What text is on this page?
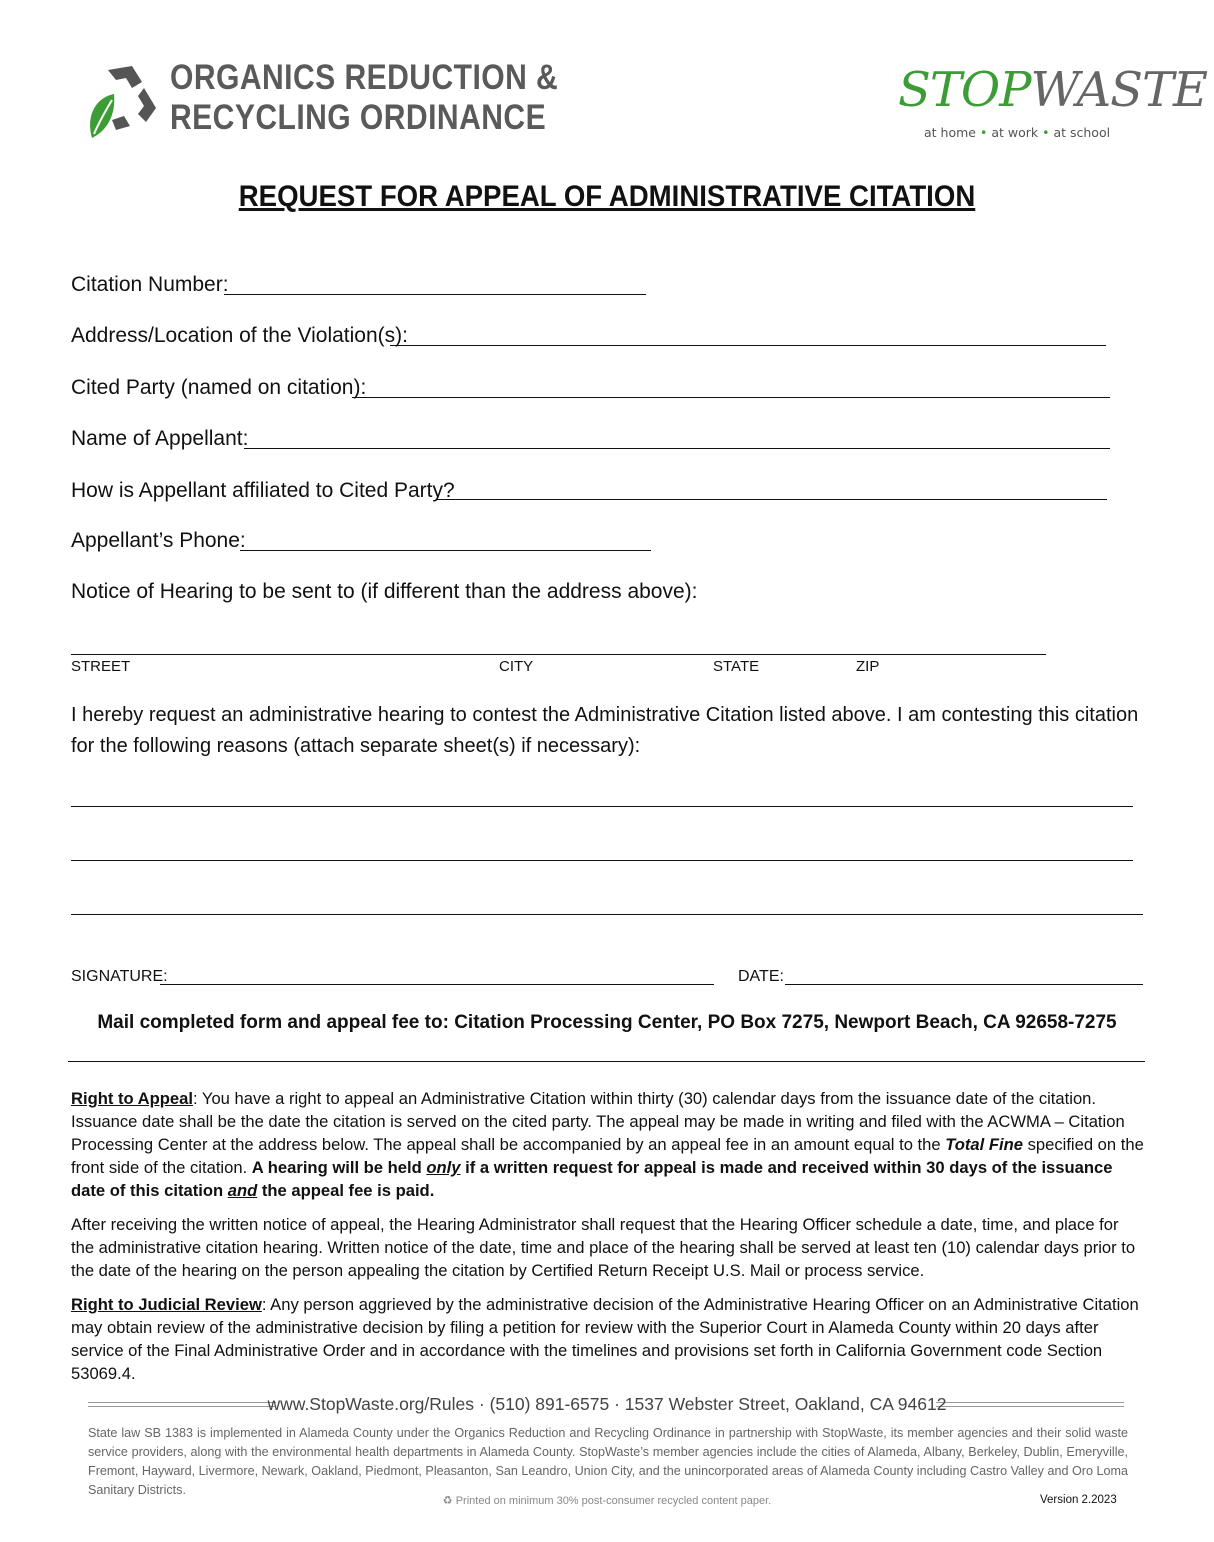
ORGANICS REDUCTION &
RECYCLING ORDINANCE	STOPWASTE
at home • at work • at school
REQUEST FOR APPEAL OF ADMINISTRATIVE CITATION
Citation Number:
Address/Location of the Violation(s):
Cited Party (named on citation):
Name of Appellant:
How is Appellant affiliated to Cited Party?
Appellant’s Phone:
Notice of Hearing to be sent to (if different than the address above):
STREET	CITY	STATE	ZIP
I hereby request an administrative hearing to contest the Administrative Citation listed above. I am contesting this citation for the following reasons (attach separate sheet(s) if necessary):
SIGNATURE:	DATE:
Mail completed form and appeal fee to: Citation Processing Center, PO Box 7275, Newport Beach, CA 92658-7275
Right to Appeal: You have a right to appeal an Administrative Citation within thirty (30) calendar days from the issuance date of the citation. Issuance date shall be the date the citation is served on the cited party. The appeal may be made in writing and filed with the ACWMA – Citation Processing Center at the address below. The appeal shall be accompanied by an appeal fee in an amount equal to the Total Fine specified on the front side of the citation. A hearing will be held only if a written request for appeal is made and received within 30 days of the issuance date of this citation and the appeal fee is paid.
After receiving the written notice of appeal, the Hearing Administrator shall request that the Hearing Officer schedule a date, time, and place for the administrative citation hearing. Written notice of the date, time and place of the hearing shall be served at least ten (10) calendar days prior to the date of the hearing on the person appealing the citation by Certified Return Receipt U.S. Mail or process service.
Right to Judicial Review: Any person aggrieved by the administrative decision of the Administrative Hearing Officer on an Administrative Citation may obtain review of the administrative decision by filing a petition for review with the Superior Court in Alameda County within 20 days after service of the Final Administrative Order and in accordance with the timelines and provisions set forth in California Government code Section 53069.4.
www.StopWaste.org/Rules · (510) 891-6575 · 1537 Webster Street, Oakland, CA 94612
State law SB 1383 is implemented in Alameda County under the Organics Reduction and Recycling Ordinance in partnership with StopWaste, its member agencies and their solid waste service providers, along with the environmental health departments in Alameda County. StopWaste’s member agencies include the cities of Alameda, Albany, Berkeley, Dublin, Emeryville, Fremont, Hayward, Livermore, Newark, Oakland, Piedmont, Pleasanton, San Leandro, Union City, and the unincorporated areas of Alameda County including Castro Valley and Oro Loma Sanitary Districts.
♻ Printed on minimum 30% post-consumer recycled content paper.	Version 2.2023
